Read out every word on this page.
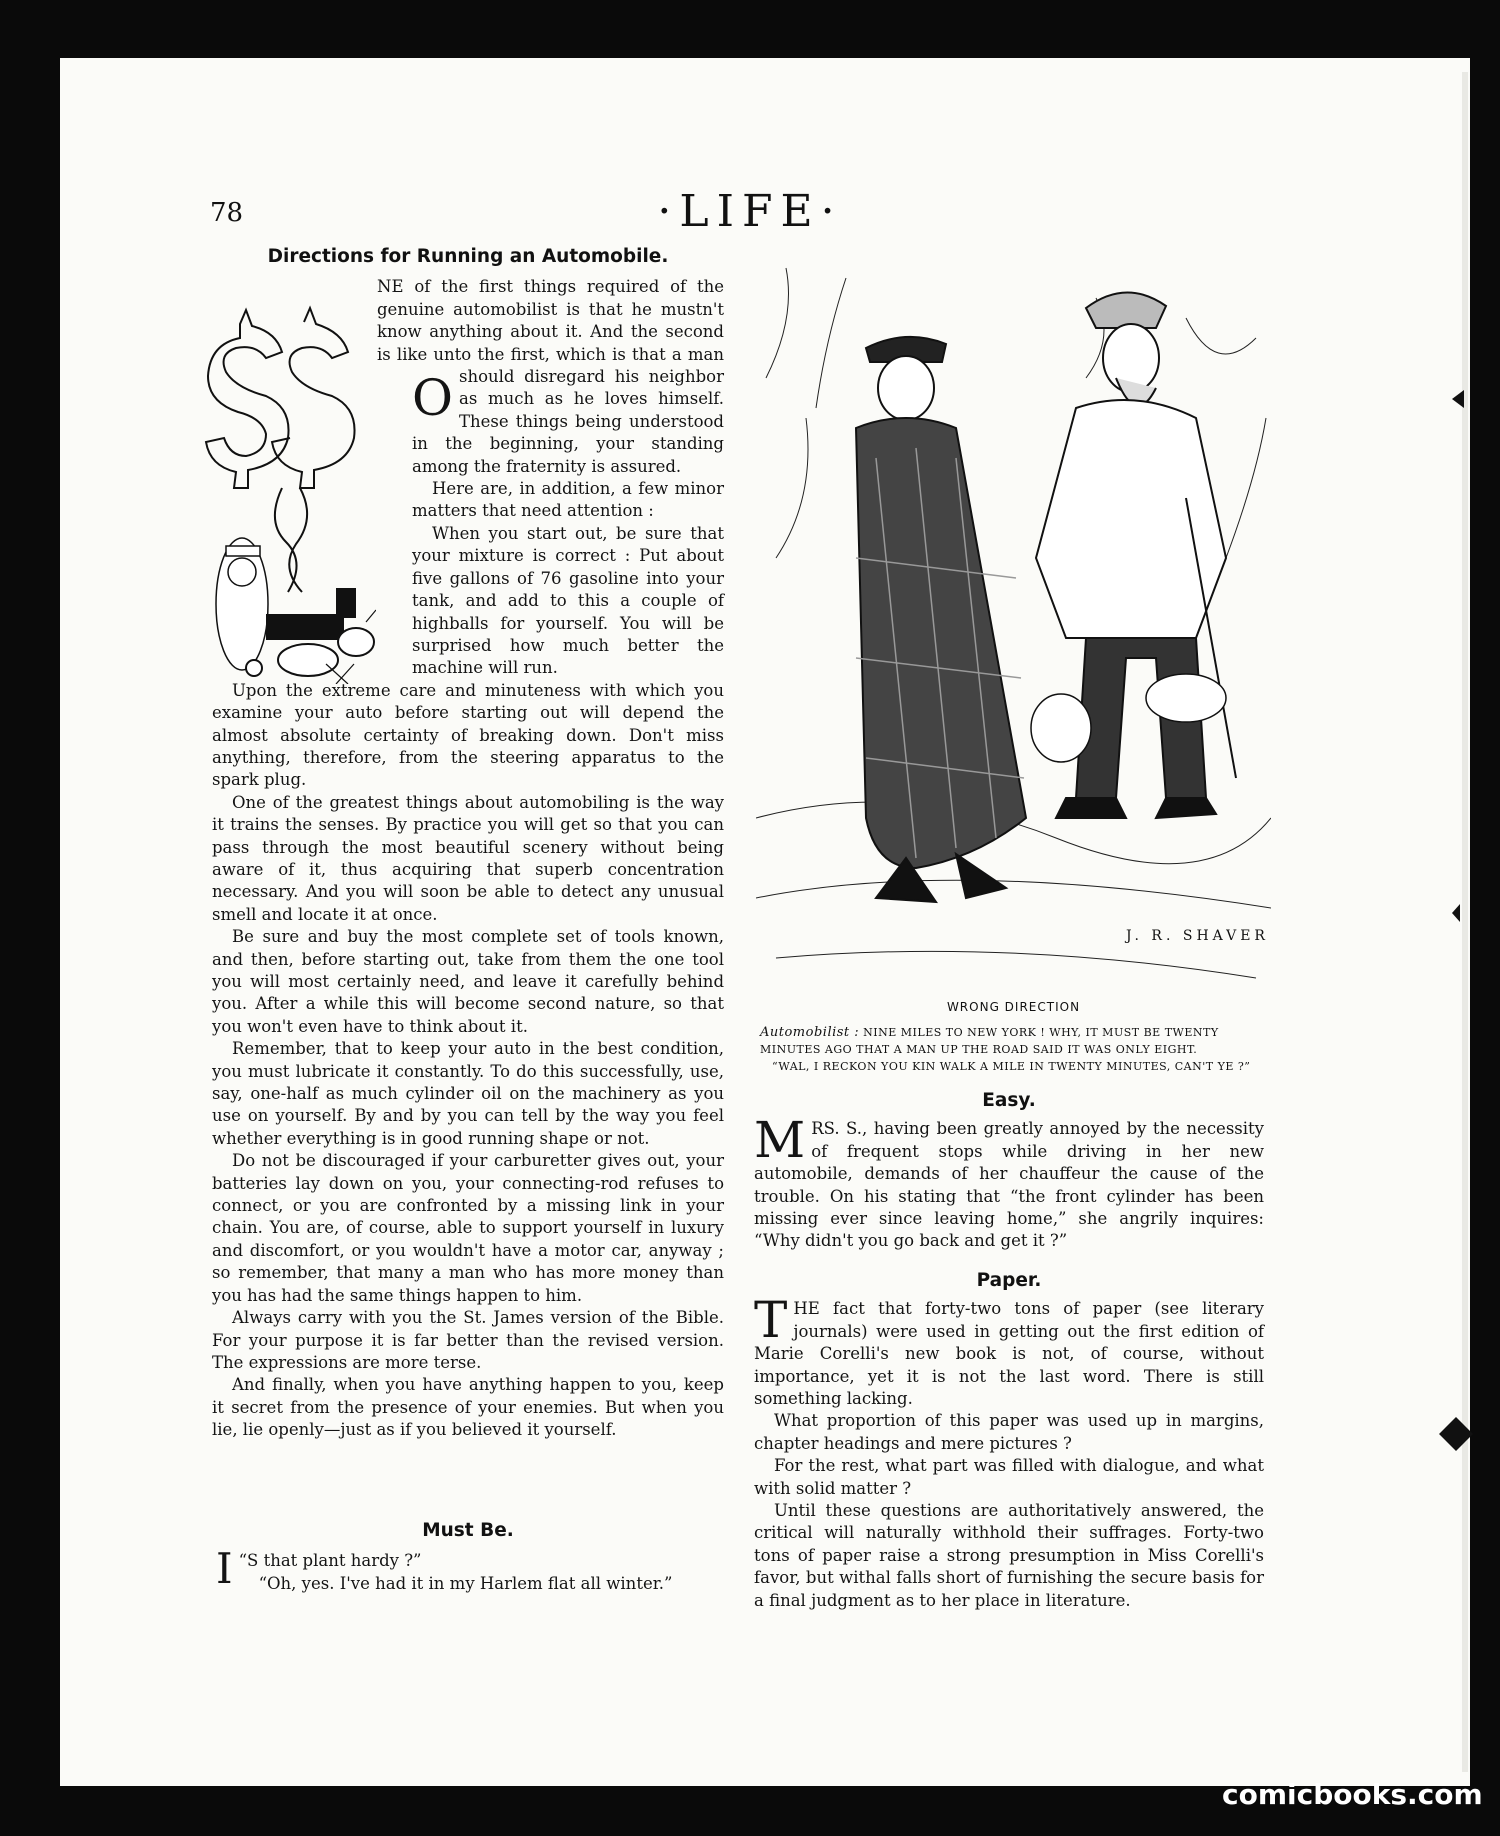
78	·LIFE·
Directions for Running an Automobile.

O
NE of the first things required of the genuine automobilist is that he mustn't know anything about it. And the second is like unto the first, which is that a man should disregard his neighbor as much as he loves himself. These things being understood in the beginning, your standing among the fraternity is assured.

Here are, in addition, a few minor matters that need attention :

When you start out, be sure that your mixture is correct : Put about five gallons of 76 gasoline into your tank, and add to this a couple of highballs for yourself. You will be surprised how much better the machine will run.

Upon the extreme care and minuteness with which you examine your auto before starting out will depend the almost absolute certainty of breaking down. Don't miss anything, therefore, from the steering apparatus to the spark plug.

One of the greatest things about automobiling is the way it trains the senses. By practice you will get so that you can pass through the most beautiful scenery without being aware of it, thus acquiring that superb concentration necessary. And you will soon be able to detect any unusual smell and locate it at once.

Be sure and buy the most complete set of tools known, and then, before starting out, take from them the one tool you will most certainly need, and leave it carefully behind you. After a while this will become second nature, so that you won't even have to think about it.

Remember, that to keep your auto in the best condition, you must lubricate it constantly. To do this successfully, use, say, one-half as much cylinder oil on the machinery as you use on yourself. By and by you can tell by the way you feel whether everything is in good running shape or not.

Do not be discouraged if your carburetter gives out, your batteries lay down on you, your connecting-rod refuses to connect, or you are confronted by a missing link in your chain. You are, of course, able to support yourself in luxury and discomfort, or you wouldn't have a motor car, anyway ; so remember, that many a man who has more money than you has had the same things happen to him.

Always carry with you the St. James version of the Bible. For your purpose it is far better than the revised version. The expressions are more terse.

And finally, when you have anything happen to you, keep it secret from the presence of your enemies. But when you lie, lie openly—just as if you believed it yourself.

Must Be.

“
I S that plant hardy ?”

“Oh, yes. I've had it in my Harlem flat all winter.”

J. R. SHAVER
WRONG DIRECTION
Automobilist : NINE MILES TO NEW YORK ! WHY, IT MUST BE TWENTY MINUTES AGO THAT A MAN UP THE ROAD SAID IT WAS ONLY EIGHT.
“WAL, I RECKON YOU KIN WALK A MILE IN TWENTY MINUTES, CAN'T YE ?”
Easy.

MRS. S., having been greatly annoyed by the necessity of frequent stops while driving in her new automobile, demands of her chauffeur the cause of the trouble. On his stating that “the front cylinder has been missing ever since leaving home,” she angrily inquires: “Why didn't you go back and get it ?”

Paper.

THE fact that forty-two tons of paper (see literary journals) were used in getting out the first edition of Marie Corelli's new book is not, of course, without importance, yet it is not the last word. There is still something lacking.

What proportion of this paper was used up in margins, chapter headings and mere pictures ?

For the rest, what part was filled with dialogue, and what with solid matter ?

Until these questions are authoritatively answered, the critical will naturally withhold their suffrages. Forty-two tons of paper raise a strong presumption in Miss Corelli's favor, but withal falls short of furnishing the secure basis for a final judgment as to her place in literature.

comicbooks.com
